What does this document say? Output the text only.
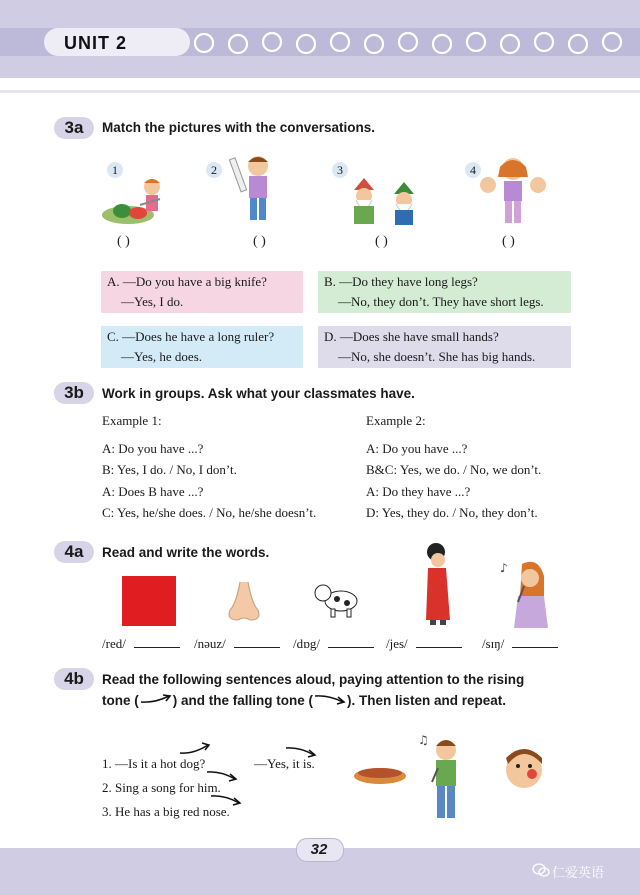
UNIT 2
3a	Match the pictures with the conversations.
1	2	3	4
( )	( )	( )	( )
A. —Do you have a big knife?
—Yes, I do.
B. —Do they have long legs?
—No, they don’t. They have short legs.
C. —Does he have a long ruler?
—Yes, he does.
D. —Does she have small hands?
—No, she doesn’t. She has big hands.
3b	Work in groups. Ask what your classmates have.
Example 1:
A: Do you have ...?
B: Yes, I do. / No, I don’t.
A: Does B have ...?
C: Yes, he/she does. / No, he/she doesn’t.
Example 2:
A: Do you have ...?
B&C: Yes, we do. / No, we don’t.
A: Do they have ...?
D: Yes, they do. / No, they don’t.
4a	Read and write the words.
♪
/red/	/nəuz/	/dɒg/	/jes/	/sɪŋ/
4b	Read the following sentences aloud, paying attention to the rising
tone (	) and the falling tone (	). Then listen and repeat.
1. —Is it a hot dog?	—Yes, it is.
2. Sing a song for him.
3. He has a big red nose.
♫
32
仁爱英语
